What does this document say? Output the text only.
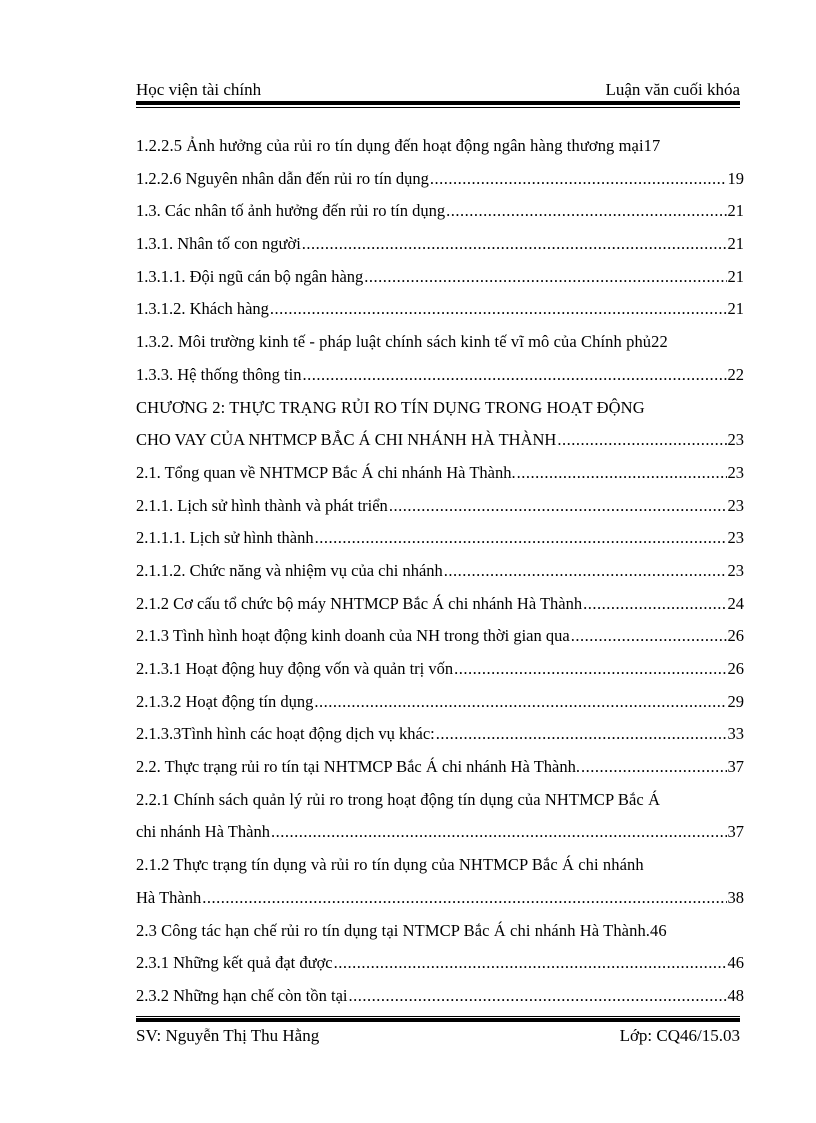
Học viện tài chính	Luận văn cuối khóa
1.2.2.5 Ảnh hưởng của rủi ro tín dụng đến hoạt động ngân hàng thương mại17
1.2.2.6 Nguyên nhân dẫn đến rủi ro tín dụng .....	19
1.3. Các nhân tố ảnh hưởng đến rủi ro tín dụng .....	21
1.3.1. Nhân tố con người .....	21
1.3.1.1. Đội ngũ cán bộ ngân hàng .....	21
1.3.1.2. Khách hàng .....	21
1.3.2. Môi trường kinh tế - pháp luật chính sách kinh tế vĩ mô của Chính phủ22
1.3.3. Hệ thống thông tin .....	22
CHƯƠNG 2: THỰC TRẠNG RỦI RO TÍN DỤNG TRONG HOẠT ĐỘNG
CHO VAY CỦA NHTMCP BẮC Á CHI NHÁNH HÀ THÀNH .....	23
2.1. Tổng quan về NHTMCP Bắc Á chi nhánh Hà Thành. .....	23
2.1.1. Lịch sử hình thành và phát triển .....	23
2.1.1.1. Lịch sử hình thành .....	23
2.1.1.2. Chức năng và nhiệm vụ của chi nhánh .....	23
2.1.2 Cơ cấu tổ chức bộ máy NHTMCP Bắc Á chi nhánh Hà Thành .....	24
2.1.3 Tình hình hoạt động kinh doanh của NH trong thời gian qua .....	26
2.1.3.1 Hoạt động huy động vốn và quản trị vốn .....	26
2.1.3.2 Hoạt động tín dụng .....	29
2.1.3.3Tình hình các hoạt động dịch vụ khác: .....	33
2.2. Thực trạng rủi ro tín tại NHTMCP Bắc Á chi nhánh Hà Thành. .....	37
2.2.1 Chính sách quản lý rủi ro trong hoạt động tín dụng của NHTMCP Bắc Á
chi nhánh Hà Thành .....	37
2.1.2 Thực trạng tín dụng và rủi ro tín dụng của NHTMCP Bắc Á chi nhánh
Hà Thành .....	38
2.3 Công tác hạn chế rủi ro tín dụng tại NTMCP Bắc Á chi nhánh Hà Thành.46
2.3.1 Những kết quả đạt được .....	46
2.3.2 Những hạn chế còn tồn tại .....	48
SV: Nguyễn Thị Thu Hằng	Lớp: CQ46/15.03
